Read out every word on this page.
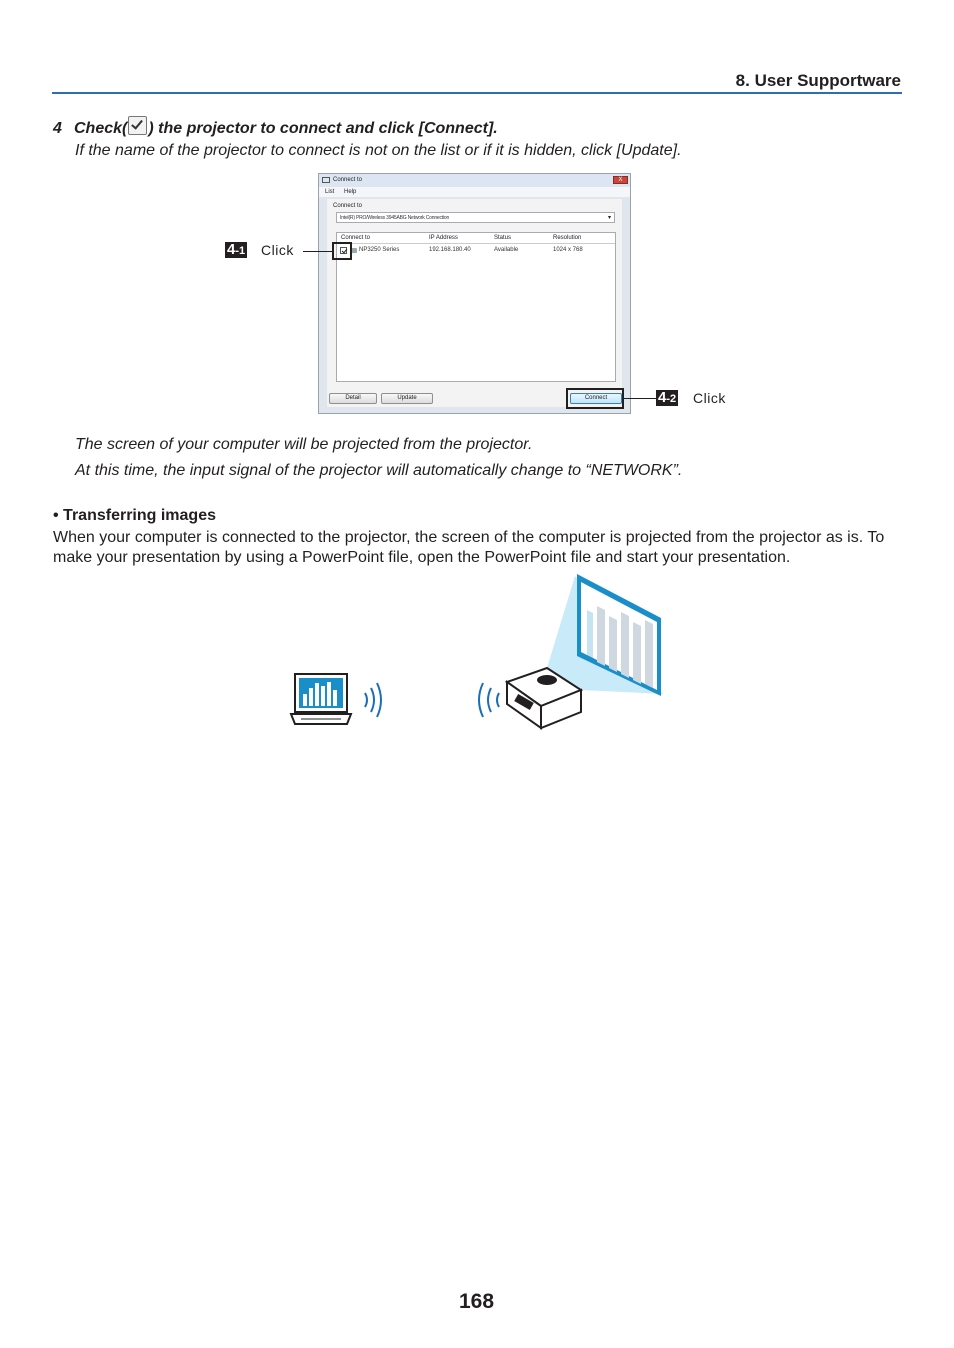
8. User Supportware
4 Check( ) the projector to connect and click [Connect].
If the name of the projector to connect is not on the list or if it is hidden, click [Update].
Connect to	X
List Help
Connect to
Intel(R) PRO/Wireless 3945ABG Network Connection	▾
Connect to	IP Address	Status	Resolution
NP3250 Series	192.168.180.40	Available	1024 x 768
Detail	Update	Connect
4-1 Click
4-2 Click
The screen of your computer will be projected from the projector.
At this time, the input signal of the projector will automatically change to “NETWORK”.
• Transferring images
When your computer is connected to the projector, the screen of the computer is projected from the projector as is. To make your presentation by using a PowerPoint file, open the PowerPoint file and start your presentation.
168
